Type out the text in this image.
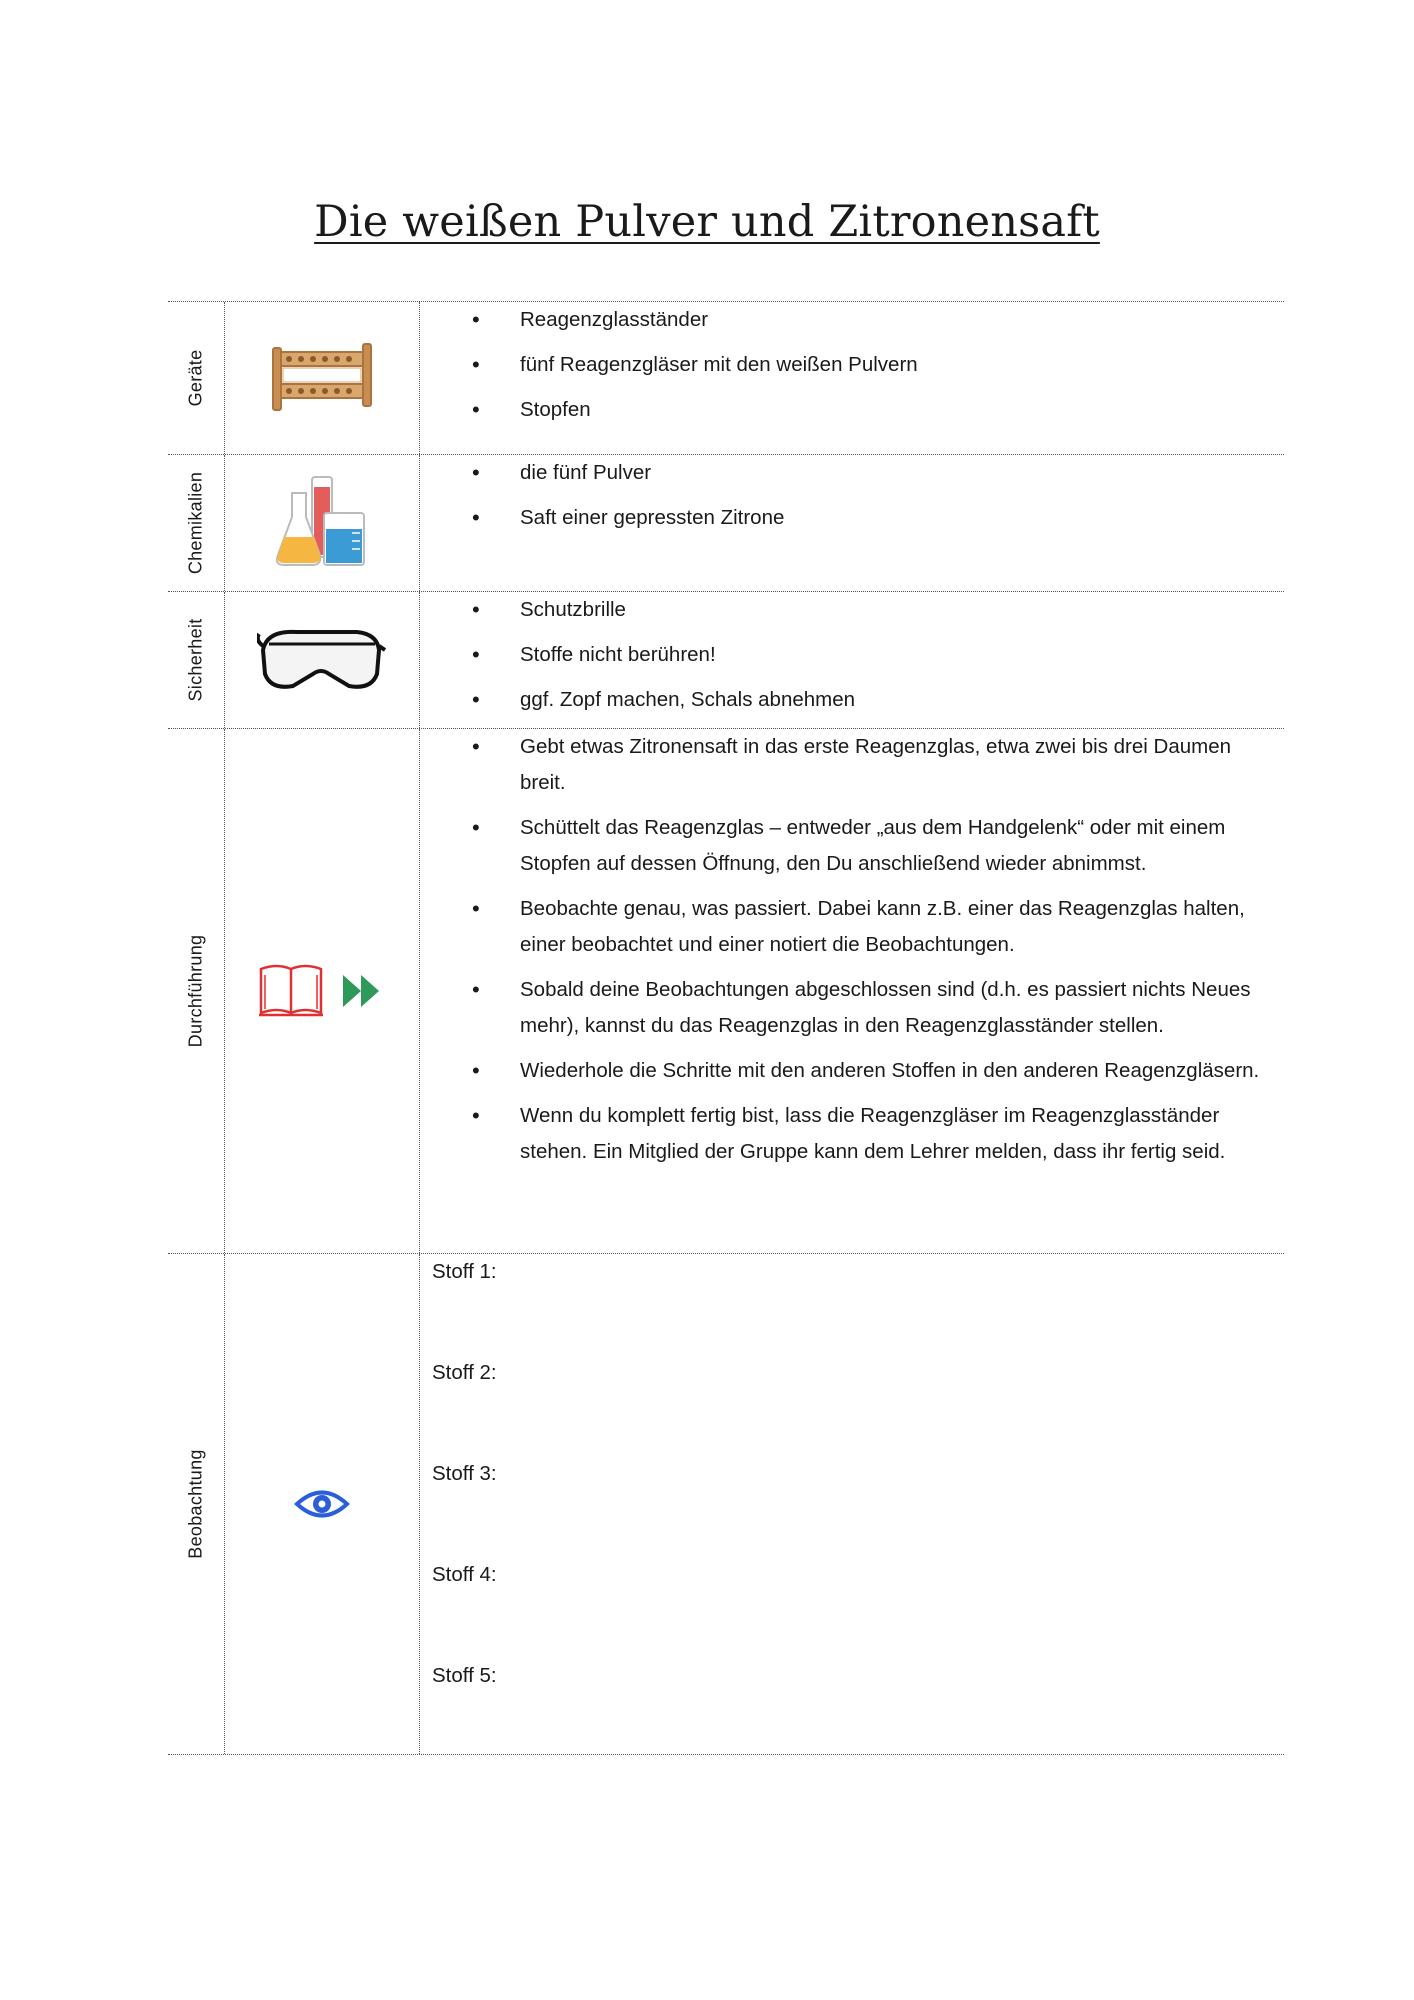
Die weißen Pulver und Zitronensaft
Geräte
• Reagenzglasständer
• fünf Reagenzgläser mit den weißen Pulvern
• Stopfen
Chemikalien
•	die fünf Pulver
• Saft einer gepressten Zitrone
Sicherheit
• Schutzbrille
• Stoffe nicht berühren!
• ggf. Zopf machen, Schals abnehmen
Durchführung
• Gebt etwas Zitronensaft in das erste Reagenzglas, etwa zwei bis drei Daumen breit.
• Schüttelt das Reagenzglas – entweder „aus dem Handgelenk“ oder mit einem Stopfen auf dessen Öffnung, den Du anschließend wieder abnimmst.
• Beobachte genau, was passiert. Dabei kann z.B. einer das Reagenzglas halten, einer beobachtet und einer notiert die Beobachtungen.
• Sobald deine Beobachtungen abgeschlossen sind (d.h. es passiert nichts Neues mehr), kannst du das Reagenzglas in den Reagenzglasständer stellen.
• Wiederhole die Schritte mit den anderen Stoffen in den anderen Reagenzgläsern.
• Wenn du komplett fertig bist, lass die Reagenzgläser im Reagenzglasständer stehen. Ein Mitglied der Gruppe kann dem Lehrer melden, dass ihr fertig seid.
Beobachtung
Stoff 1:
Stoff 2:
Stoff 3:
Stoff 4:
Stoff 5:
